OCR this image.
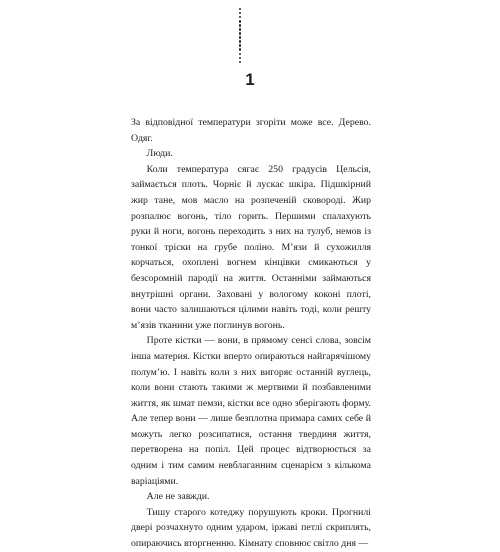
1

За відповідної температури згоріти може все. Дерево. Одяг.

Люди.

Коли температура сягає 250 градусів Цельсія, займається плоть. Чорніє й лускає шкіра. Підшкірний жир тане, мов масло на розпеченій сковороді. Жир розпалює вогонь, тіло горить. Першими спалахують руки й ноги, вогонь переходить з них на тулуб, немов із тонкої тріски на грубе поліно. М’язи й сухожилля корчаться, охоплені вогнем кінцівки смикаються у безсоромній пародії на життя. Останніми займаються внутрішні органи. Заховані у вологому коконі плоті, вони часто залишаються цілими навіть тоді, коли решту м’язів тканини уже поглинув вогонь.

Проте кістки — вони, в прямому сенсі слова, зовсім інша материя. Кістки вперто опираються найгарячішому полум’ю. І навіть коли з них вигоряє останній вуглець, коли вони стають такими ж мертвими й позбавленими життя, як шмат пемзи, кістки все одно зберігають форму. Але тепер вони — лише безплотна примара самих себе й можуть легко розсипатися, остання твердиня життя, перетворена на попіл. Цей процес відтворюється за одним і тим самим невблаганним сценарієм з кількома варіаціями.

Але не завжди.

Тишу старого котеджу порушують кроки. Прогнилі двері розчахнуто одним ударом, іржаві петлі скриплять, опираючись вторгненню. Кімнату сповнює світло дня —
